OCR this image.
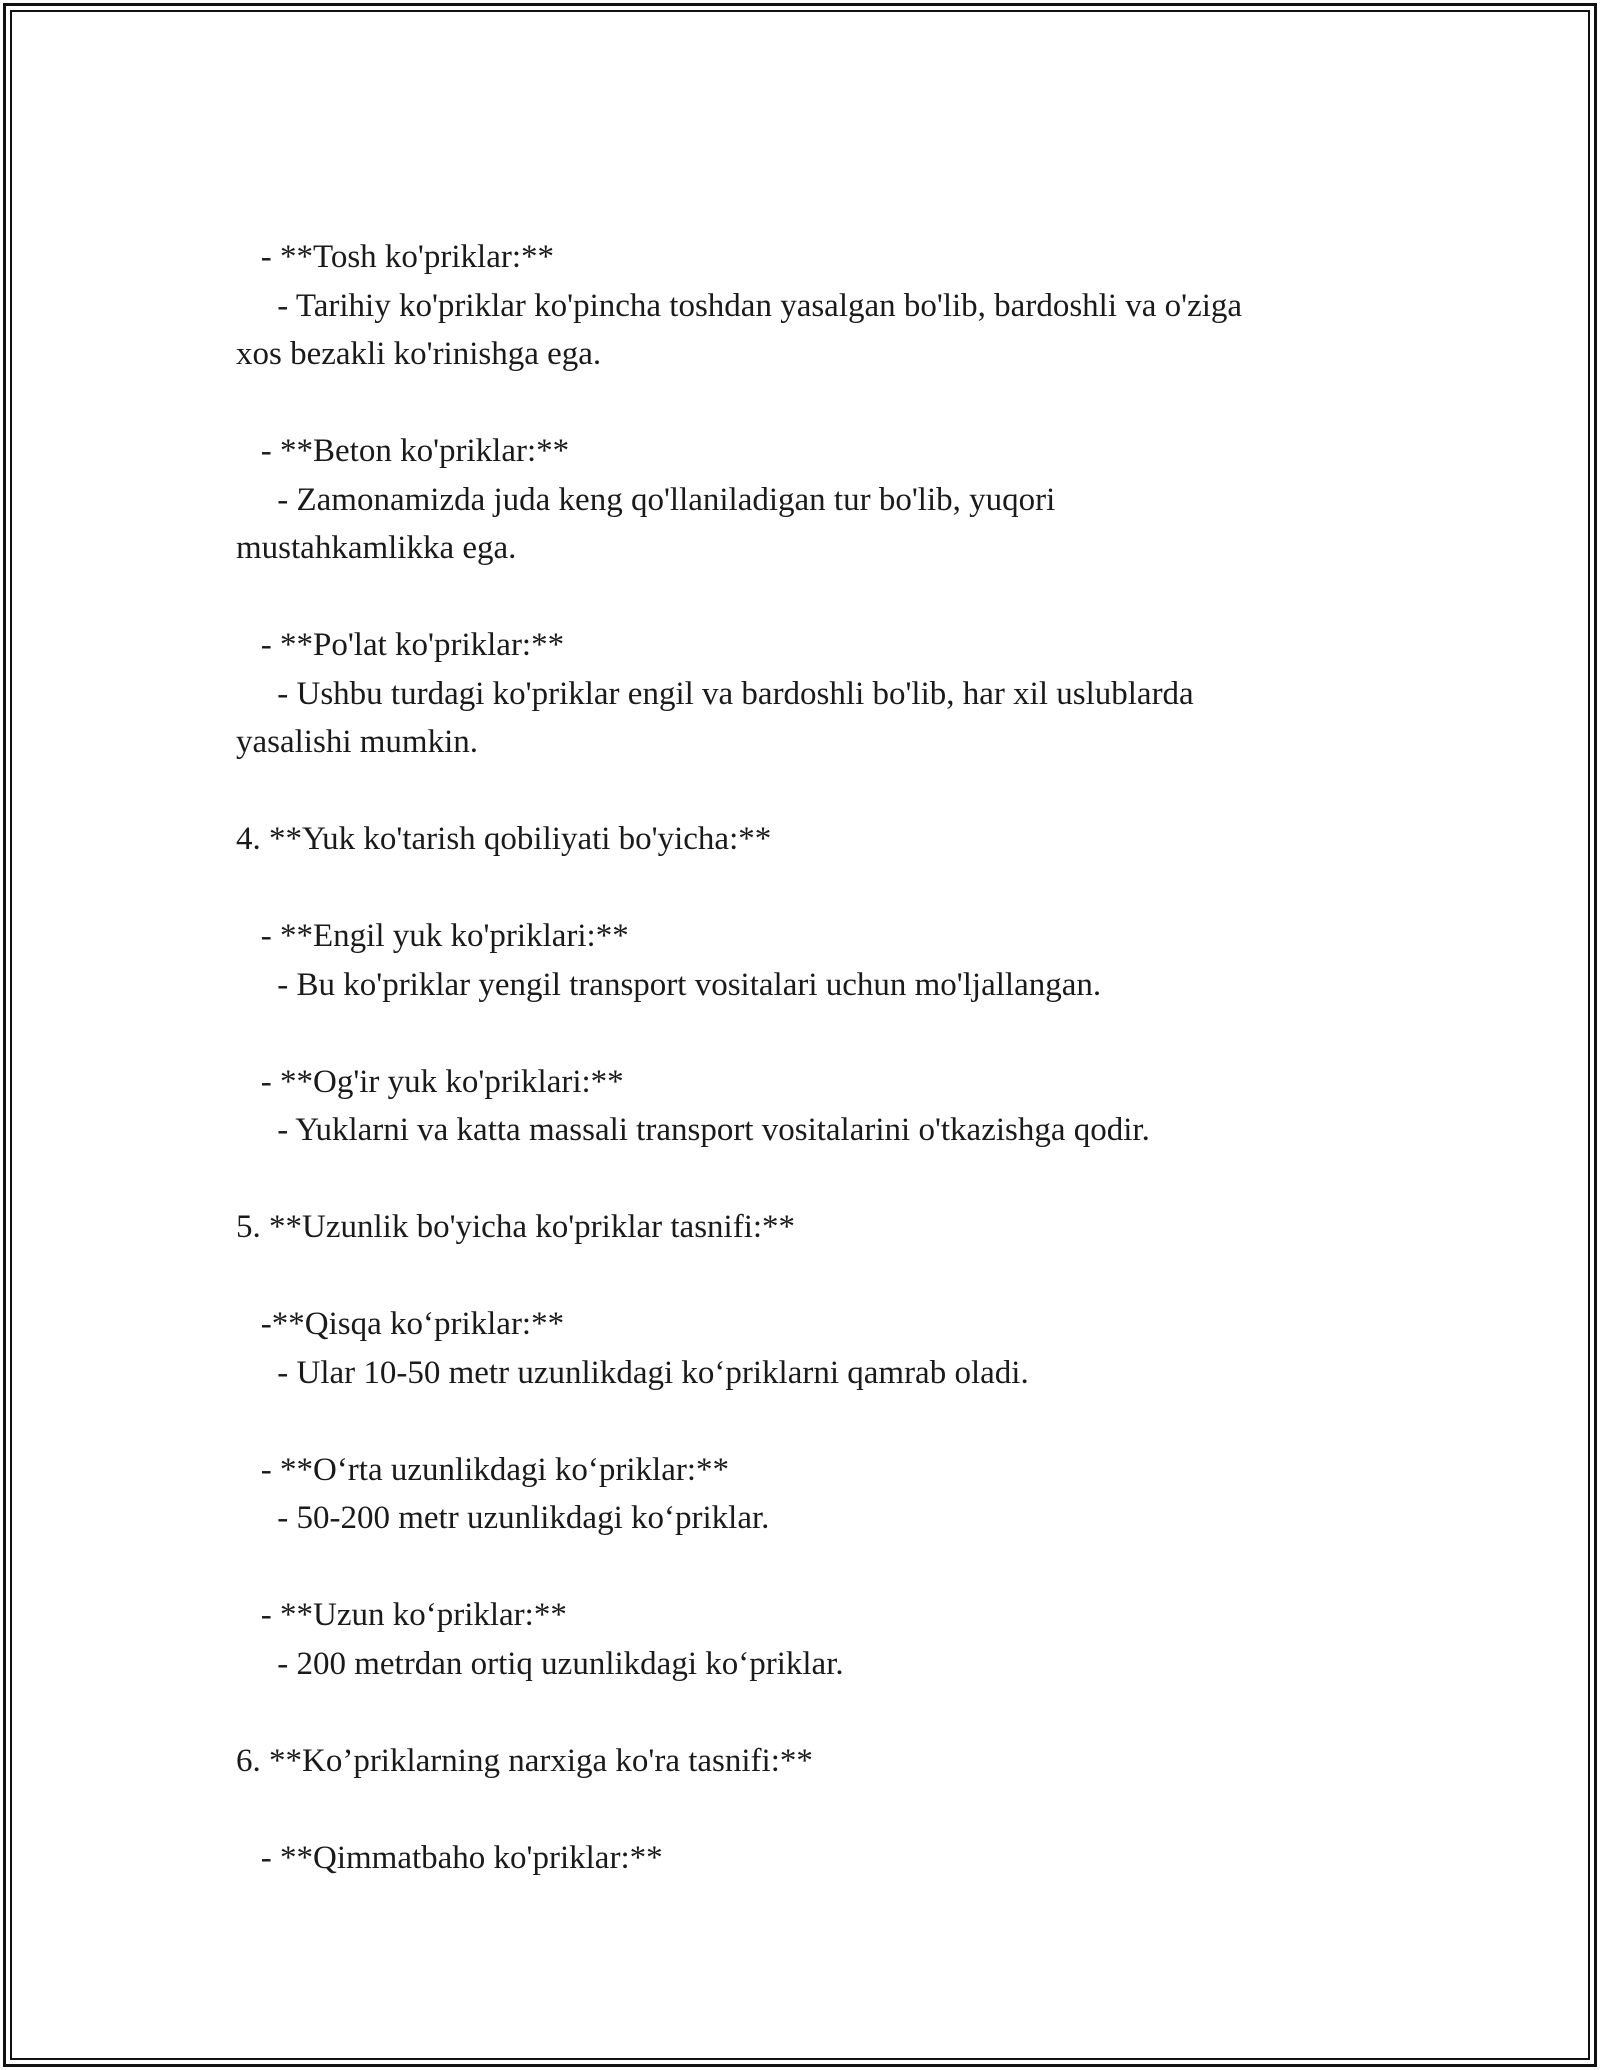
- **Tosh ko'priklar:**
- Tarihiy ko'priklar ko'pincha toshdan yasalgan bo'lib, bardoshli va o'ziga
xos bezakli ko'rinishga ega.
- **Beton ko'priklar:**
- Zamonamizda juda keng qo'llaniladigan tur bo'lib, yuqori
mustahkamlikka ega.
- **Po'lat ko'priklar:**
- Ushbu turdagi ko'priklar engil va bardoshli bo'lib, har xil uslublarda
yasalishi mumkin.
4. **Yuk ko'tarish qobiliyati bo'yicha:**
- **Engil yuk ko'priklari:**
- Bu ko'priklar yengil transport vositalari uchun mo'ljallangan.
- **Og'ir yuk ko'priklari:**
- Yuklarni va katta massali transport vositalarini o'tkazishga qodir.
5. **Uzunlik bo'yicha ko'priklar tasnifi:**
-**Qisqa ko‘priklar:**
- Ular 10-50 metr uzunlikdagi ko‘priklarni qamrab oladi.
- **O‘rta uzunlikdagi ko‘priklar:**
- 50-200 metr uzunlikdagi ko‘priklar.
- **Uzun ko‘priklar:**
- 200 metrdan ortiq uzunlikdagi ko‘priklar.
6. **Ko’priklarning narxiga ko'ra tasnifi:**
- **Qimmatbaho ko'priklar:**
